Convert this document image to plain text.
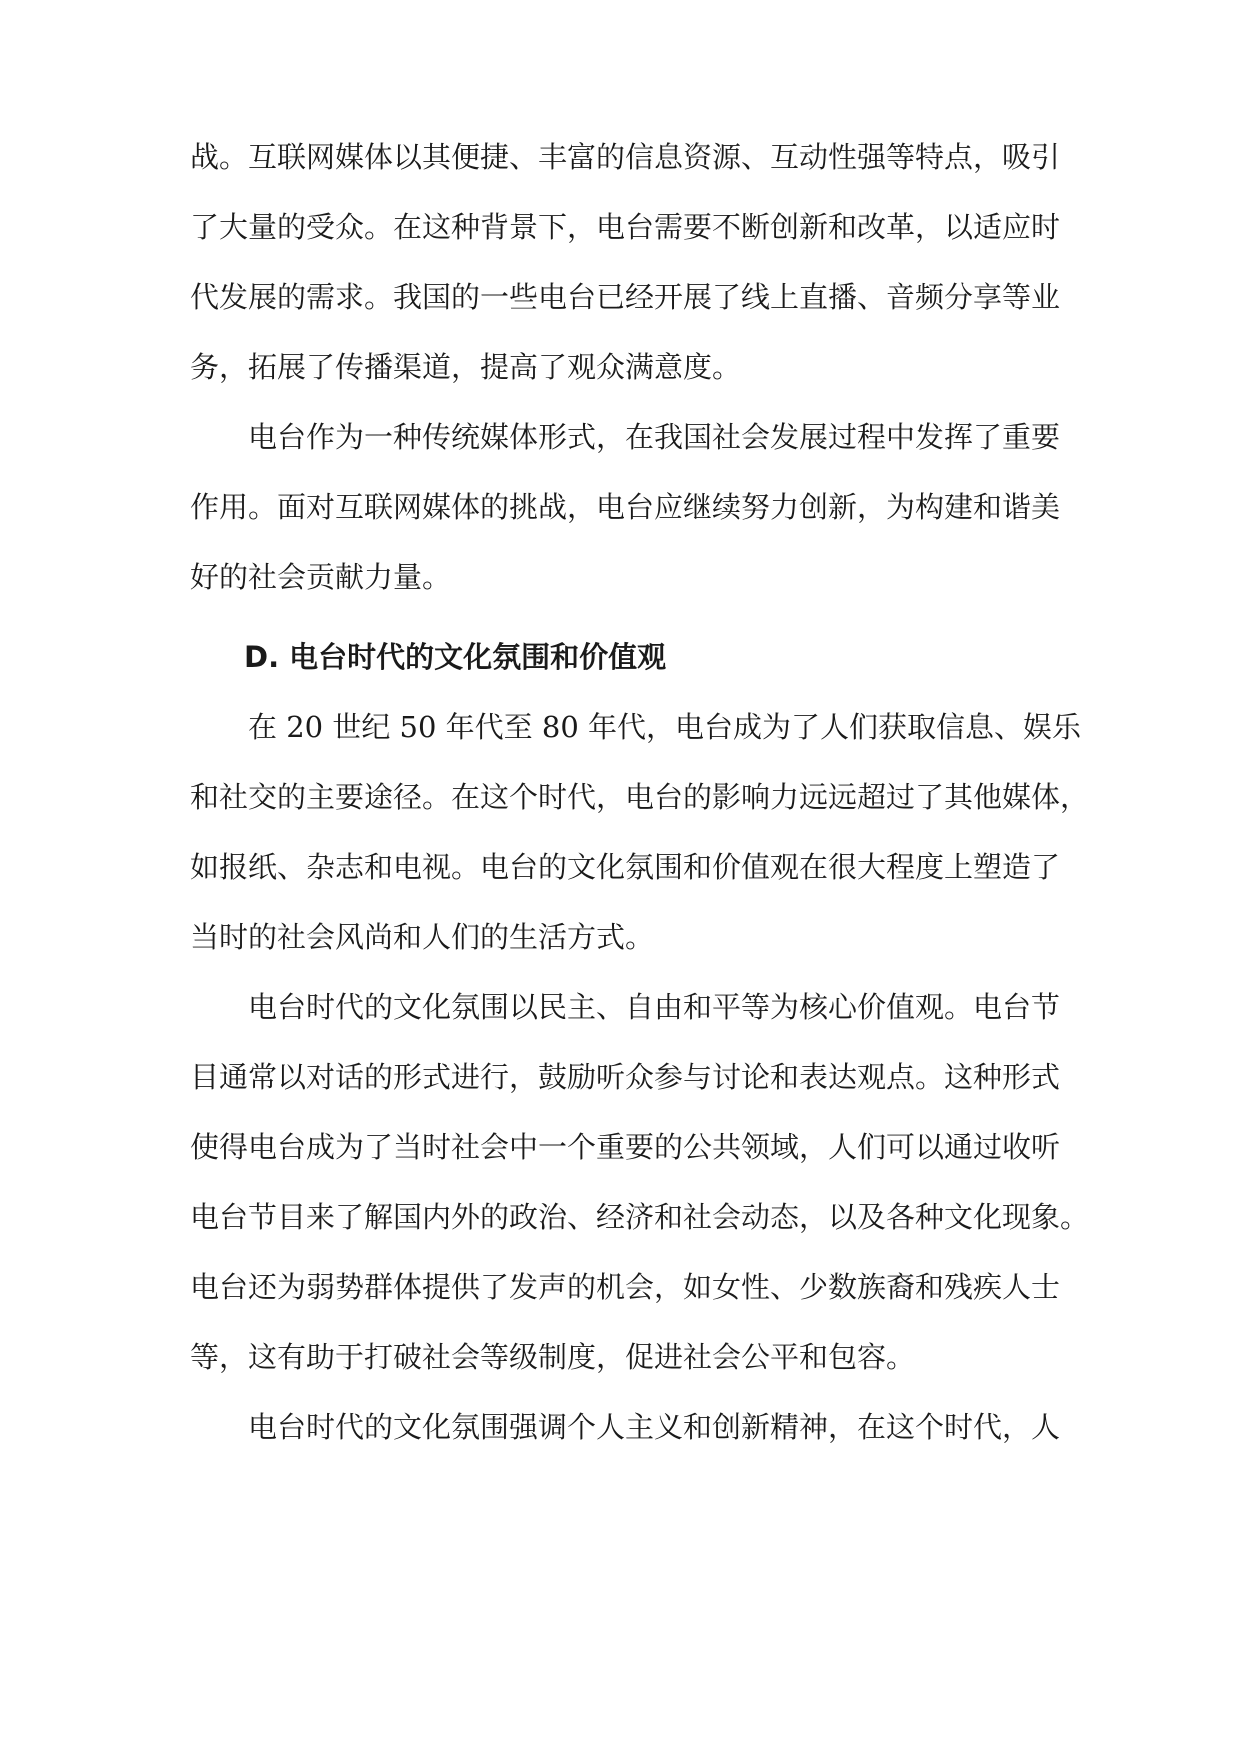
战。互联网媒体以其便捷、丰富的信息资源、互动性强等特点，吸引
了大量的受众。在这种背景下，电台需要不断创新和改革，以适应时
代发展的需求。我国的一些电台已经开展了线上直播、音频分享等业
务，拓展了传播渠道，提高了观众满意度。
电台作为一种传统媒体形式，在我国社会发展过程中发挥了重要
作用。面对互联网媒体的挑战，电台应继续努力创新，为构建和谐美
好的社会贡献力量。
D. 电台时代的文化氛围和价值观
在 20 世纪 50 年代至 80 年代，电台成为了人们获取信息、娱乐
和社交的主要途径。在这个时代，电台的影响力远远超过了其他媒体，
如报纸、杂志和电视。电台的文化氛围和价值观在很大程度上塑造了
当时的社会风尚和人们的生活方式。
电台时代的文化氛围以民主、自由和平等为核心价值观。电台节
目通常以对话的形式进行，鼓励听众参与讨论和表达观点。这种形式
使得电台成为了当时社会中一个重要的公共领域，人们可以通过收听
电台节目来了解国内外的政治、经济和社会动态，以及各种文化现象。
电台还为弱势群体提供了发声的机会，如女性、少数族裔和残疾人士
等，这有助于打破社会等级制度，促进社会公平和包容。
电台时代的文化氛围强调个人主义和创新精神，在这个时代，人
